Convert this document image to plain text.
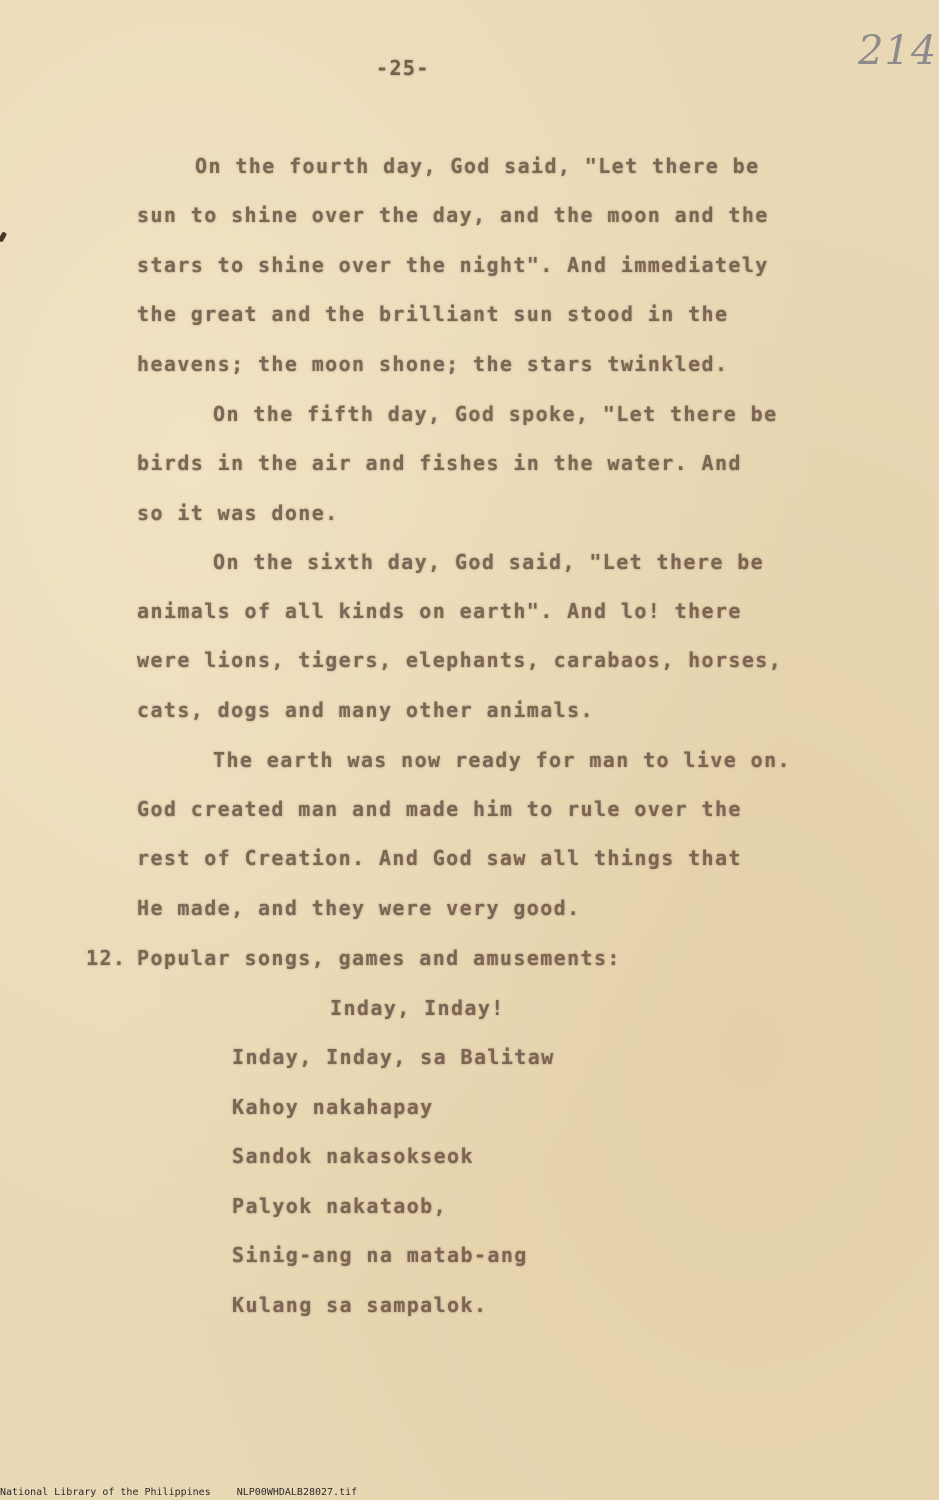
-25-	214
On the fourth day, God said, "Let there be
sun to shine over the day, and the moon and the
stars to shine over the night". And immediately
the great and the brilliant sun stood in the
heavens; the moon shone; the stars twinkled.
On the fifth day, God spoke, "Let there be
birds in the air and fishes in the water. And
so it was done.
On the sixth day, God said, "Let there be
animals of all kinds on earth". And lo! there
were lions, tigers, elephants, carabaos, horses,
cats, dogs and many other animals.
The earth was now ready for man to live on.
God created man and made him to rule over the
rest of Creation. And God saw all things that
He made, and they were very good.
12. Popular songs, games and amusements:
Inday, Inday!
Inday, Inday, sa Balitaw
Kahoy nakahapay
Sandok nakasokseok
Palyok nakataob,
Sinig-ang na matab-ang
Kulang sa sampalok.
National Library of the Philippines	NLP00WHDALB28027.tif
